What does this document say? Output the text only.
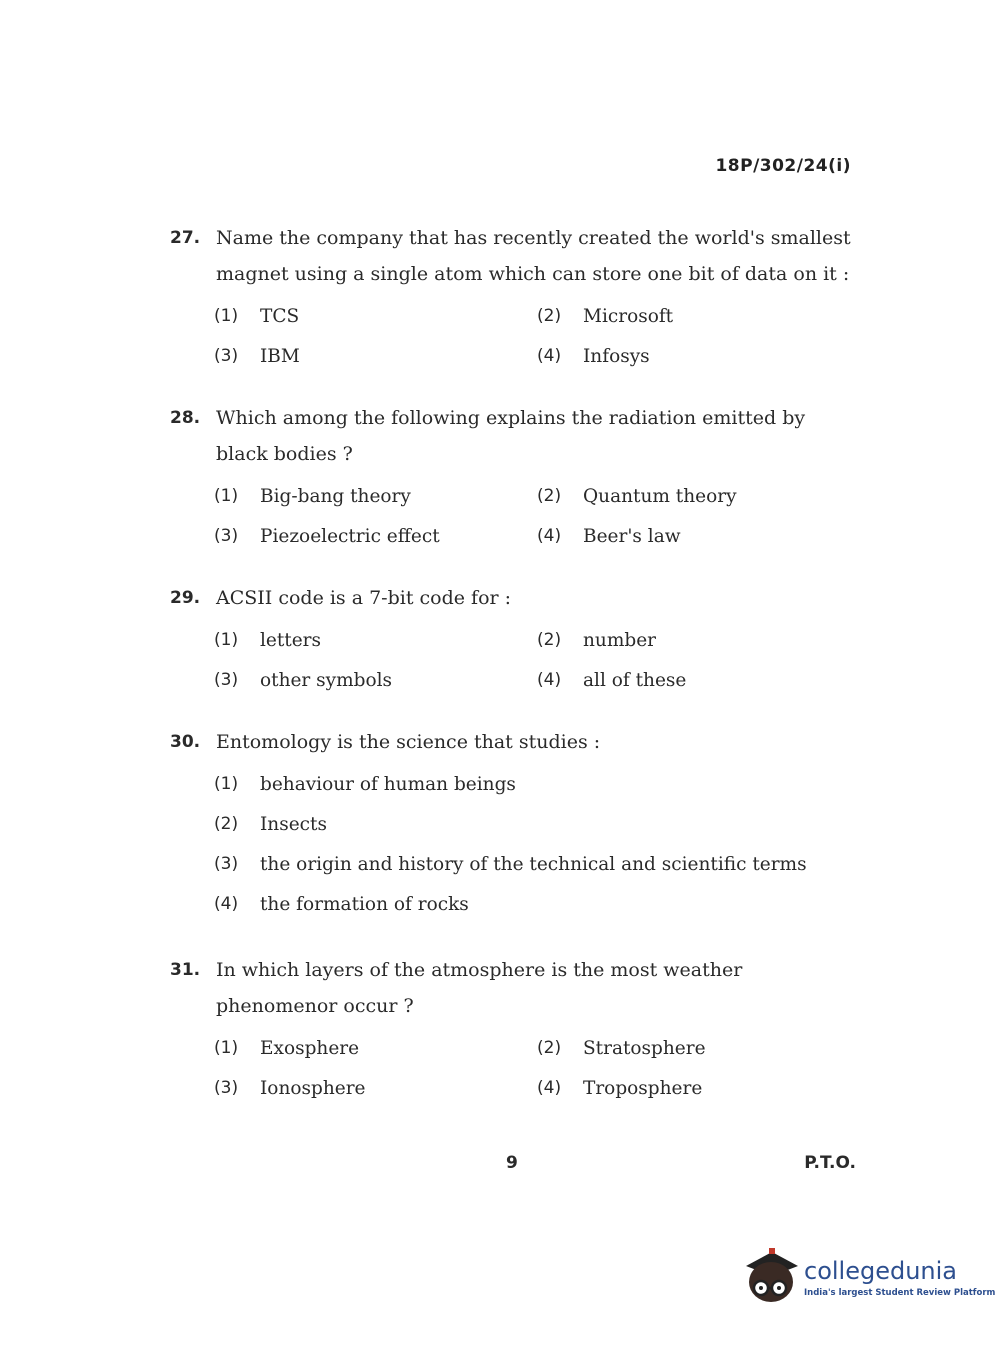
18P/302/24(i)
27. Name the company that has recently created the world's smallest magnet using a single atom which can store one bit of data on it :
(1)	TCS	(2)	Microsoft
(3)	IBM	(4)	Infosys
28. Which among the following explains the radiation emitted by black bodies ?
(1)	Big-bang theory	(2)	Quantum theory
(3)	Piezoelectric effect	(4)	Beer's law
29. ACSII code is a 7-bit code for :
(1)	letters	(2)	number
(3)	other symbols	(4)	all of these
30. Entomology is the science that studies :
(1)	behaviour of human beings
(2)	Insects
(3)	the origin and history of the technical and scientific terms
(4)	the formation of rocks
31. In which layers of the atmosphere is the most weather phenomenor occur ?
(1)	Exosphere	(2)	Stratosphere
(3)	Ionosphere	(4)	Troposphere
9	P.T.O.
collegedunia
India's largest Student Review Platform
